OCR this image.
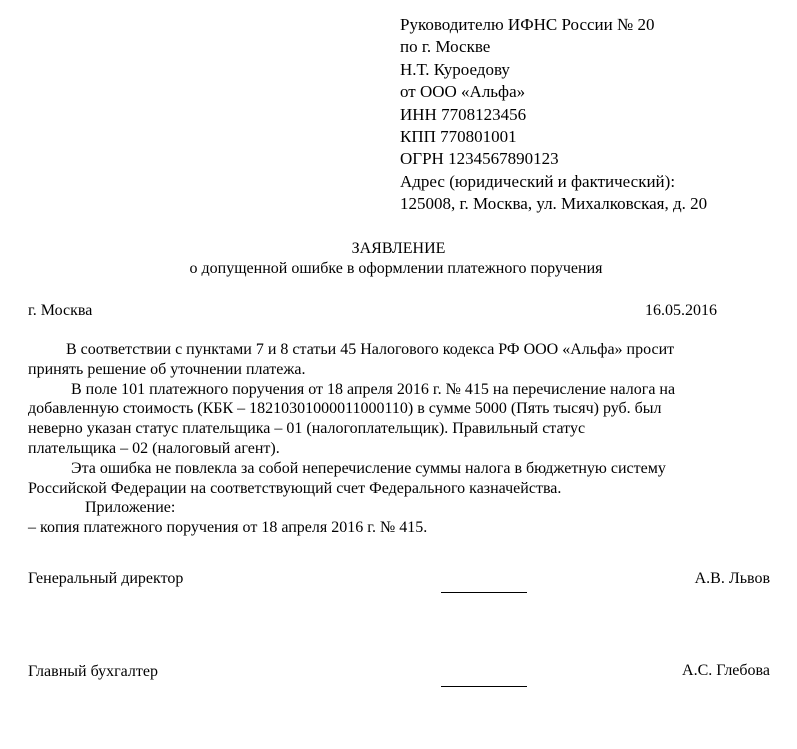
Руководителю ИФНС России № 20
по г. Москве
Н.Т. Куроедову
от ООО «Альфа»
ИНН 7708123456
КПП 770801001
ОГРН 1234567890123
Адрес (юридический и фактический):
125008, г. Москва, ул. Михалковская, д. 20
ЗАЯВЛЕНИЕ
о допущенной ошибке в оформлении платежного поручения
г. Москва	16.05.2016
В соответствии с пунктами 7 и 8 статьи 45 Налогового кодекса РФ ООО «Альфа» просит
принять решение об уточнении платежа.
В поле 101 платежного поручения от 18 апреля 2016 г. № 415 на перечисление налога на
добавленную стоимость (КБК – 18210301000011000110) в сумме 5000 (Пять тысяч) руб. был
неверно указан статус плательщика – 01 (налогоплательщик). Правильный статус
плательщика – 02 (налоговый агент).
Эта ошибка не повлекла за собой неперечисление суммы налога в бюджетную систему
Российской Федерации на соответствующий счет Федерального казначейства.
Приложение:
– копия платежного поручения от 18 апреля 2016 г. № 415.
Генеральный директор	А.В. Львов
Главный бухгалтер	А.С. Глебова
